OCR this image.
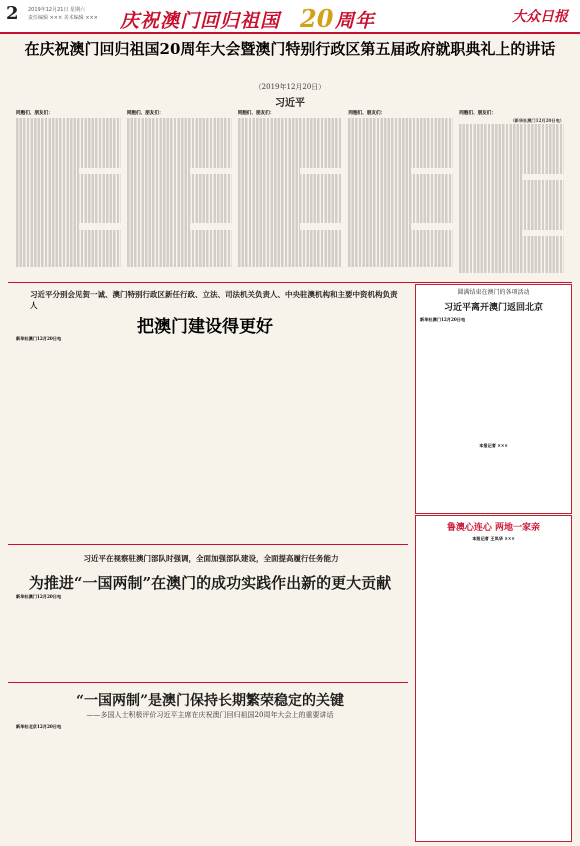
2 2019年12月21日 星期六
责任编辑 ××× 美术编辑 ××× 庆祝澳门回归祖国 20 周年	大众日报
在庆祝澳门回归祖国20周年大会暨澳门特别行政区第五届政府就职典礼上的讲话
（2019年12月20日）
习近平
同胞们、朋友们：	同胞们、朋友们：	同胞们、朋友们：	同胞们、朋友们：	同胞们、朋友们：
（新华社澳门12月20日电）
习近平分别会见贺一诚、澳门特别行政区新任行政、立法、司法机关负责人、中央驻澳机构和主要中资机构负责人
把澳门建设得更好
新华社澳门12月20日电
圆满结束在澳门的各项活动
习近平离开澳门返回北京
新华社澳门12月20日电
本报记者 ×××
习近平在视察驻澳门部队时强调，全面加强部队建设，全面提高履行任务能力
为推进“一国两制”在澳门的成功实践作出新的更大贡献
新华社澳门12月20日电
“一国两制”是澳门保持长期繁荣稳定的关键
——多国人士积极评价习近平主席在庆祝澳门回归祖国20周年大会上的重要讲话
新华社北京12月20日电
鲁澳心连心 两地一家亲
本报记者 王凤华 ×××
